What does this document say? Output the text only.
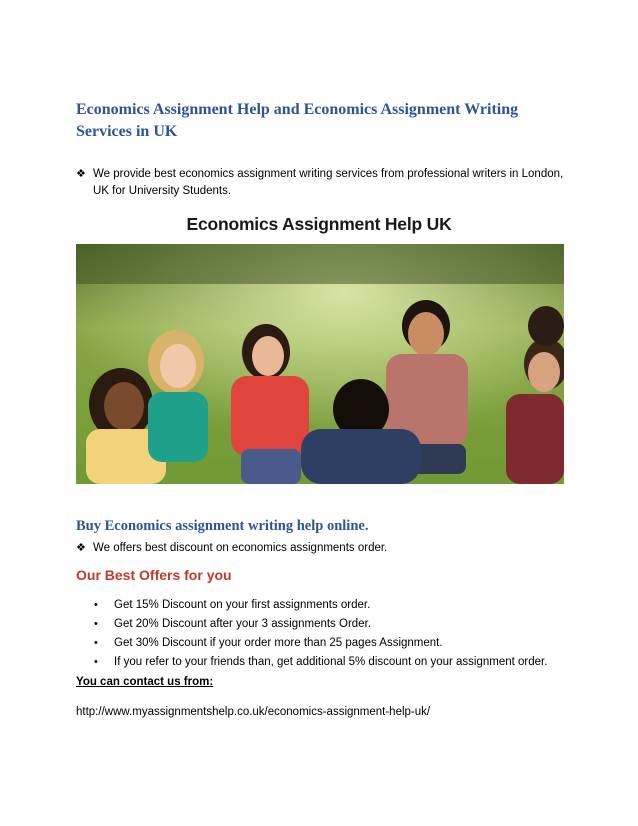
Economics Assignment Help and Economics Assignment Writing Services in UK
❖ We provide best economics assignment writing services from professional writers in London, UK for University Students.
Economics Assignment Help UK
Buy Economics assignment writing help online.
❖ We offers best discount on economics assignments order.
Our Best Offers for you
•	Get 15% Discount on your first assignments order.
•	Get 20% Discount after your 3 assignments Order.
•	Get 30% Discount if your order more than 25 pages Assignment.
•	If you refer to your friends than, get additional 5% discount on your assignment order.

You can contact us from:

http://www.myassignmentshelp.co.uk/economics-assignment-help-uk/
